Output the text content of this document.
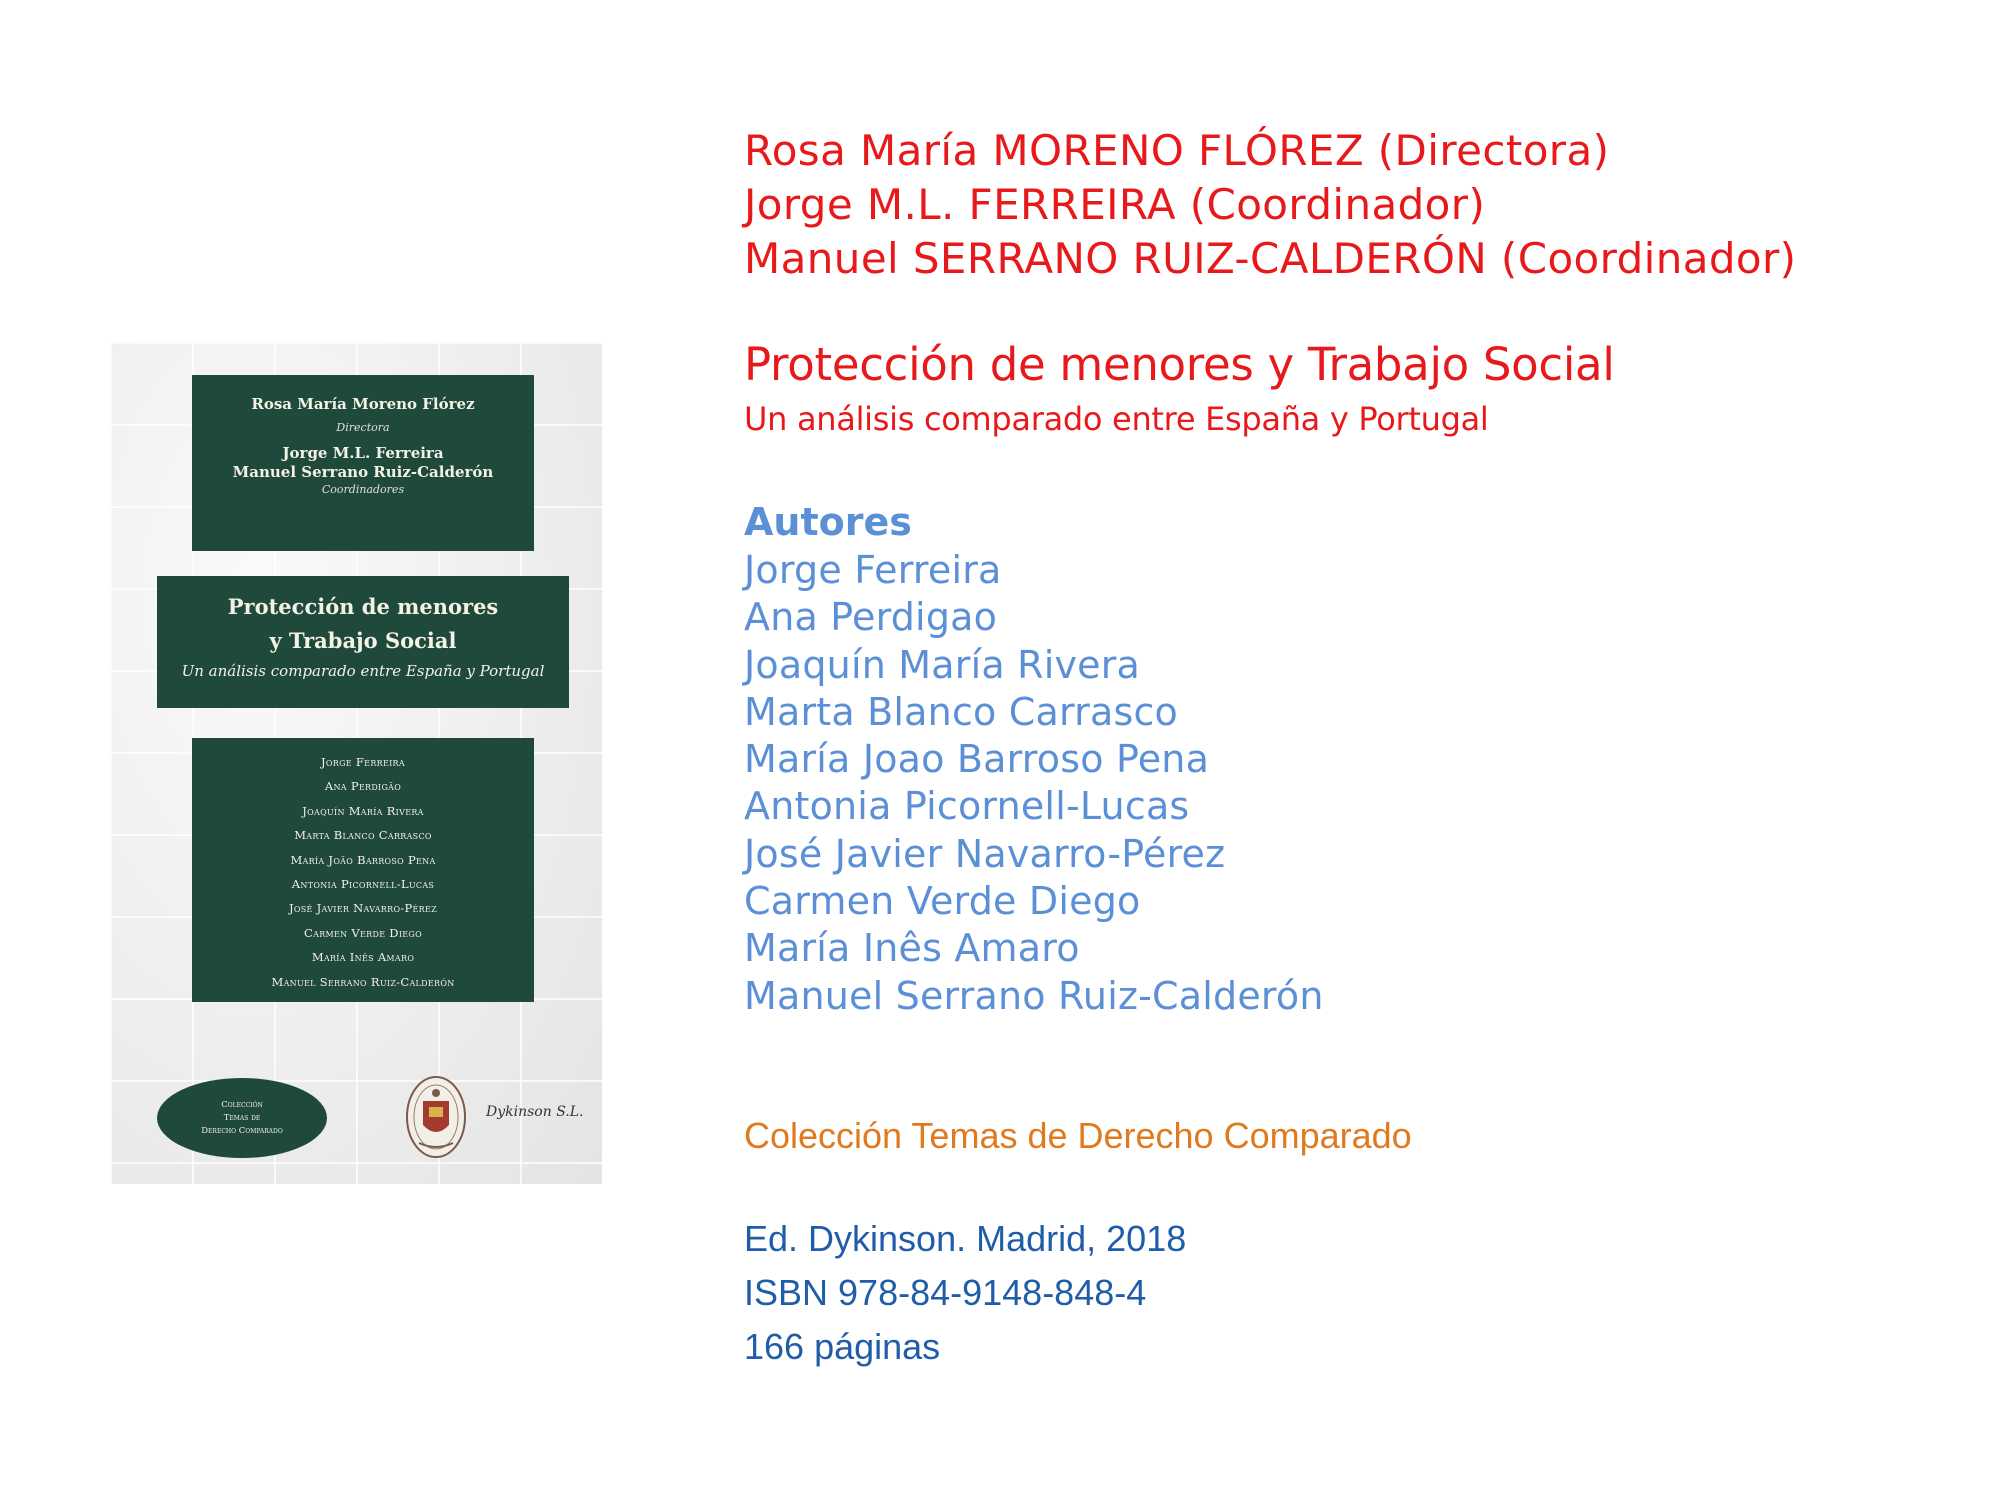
Rosa María Moreno Flórez
Directora
Jorge M.L. Ferreira
Manuel Serrano Ruiz-Calderón
Coordinadores
Protección de menores
y Trabajo Social
Un análisis comparado entre España y Portugal
Jorge Ferreira
Ana Perdigão
Joaquín María Rivera
Marta Blanco Carrasco
María João Barroso Pena
Antonia Picornell-Lucas
José Javier Navarro-Pérez
Carmen Verde Diego
María Inês Amaro
Manuel Serrano Ruiz-Calderón
Colección
Temas de
Derecho Comparado
Dykinson S.L.
Rosa María MORENO FLÓREZ (Directora)
Jorge M.L. FERREIRA (Coordinador)
Manuel SERRANO RUIZ-CALDERÓN (Coordinador)
Protección de menores y Trabajo Social
Un análisis comparado entre España y Portugal
Autores
Jorge Ferreira
Ana Perdigao
Joaquín María Rivera
Marta Blanco Carrasco
María Joao Barroso Pena
Antonia Picornell-Lucas
José Javier Navarro-Pérez
Carmen Verde Diego
María Inês Amaro
Manuel Serrano Ruiz-Calderón
Colección Temas de Derecho Comparado
Ed. Dykinson. Madrid, 2018
ISBN 978-84-9148-848-4
166 páginas
